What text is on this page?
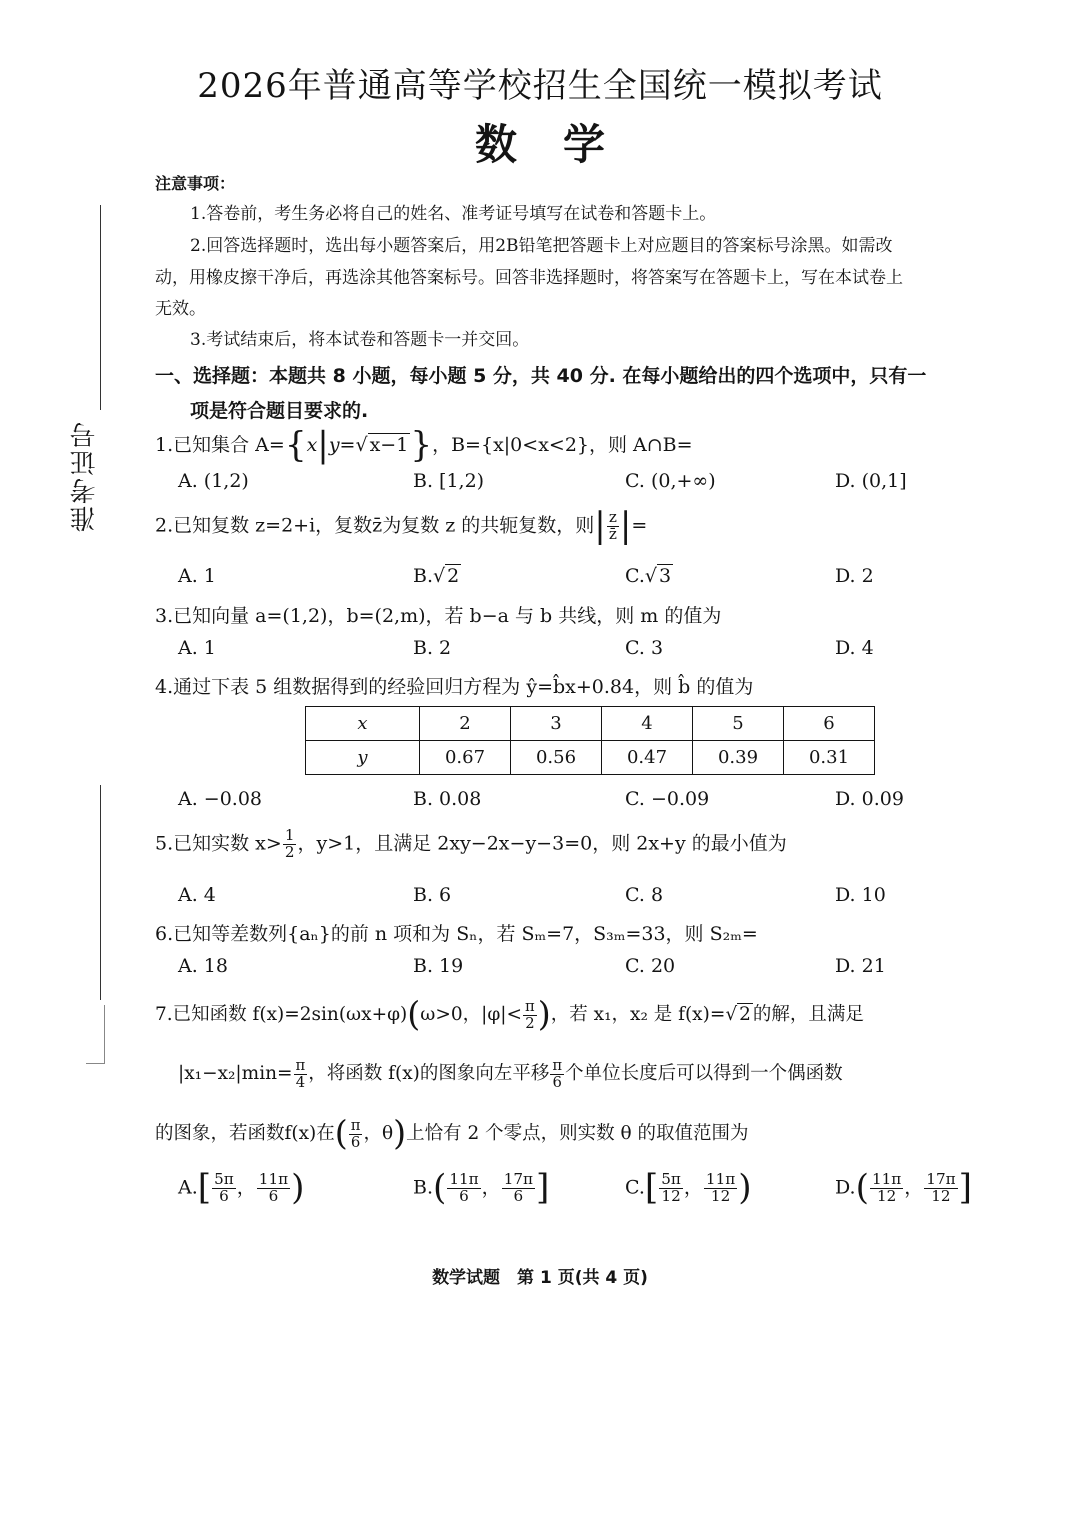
准考证号
2026年普通高等学校招生全国统一模拟考试
数学
注意事项：
1.答卷前，考生务必将自己的姓名、准考证号填写在试卷和答题卡上。
2.回答选择题时，选出每小题答案后，用2B铅笔把答题卡上对应题目的答案标号涂黑。如需改
动，用橡皮擦干净后，再选涂其他答案标号。回答非选择题时，将答案写在答题卡上，写在本试卷上
无效。
3.考试结束后，将本试卷和答题卡一并交回。
一、选择题：本题共 8 小题，每小题 5 分，共 40 分. 在每小题给出的四个选项中，只有一
项是符合题目要求的.
1.已知集合 A={x|y=√ x−1}，B={x|0<x<2}，则 A∩B=
A. (1,2)	B. [1,2)	C. (0,+∞)	D. (0,1]
2.已知复数 z=2+i，复数z̄为复数 z 的共轭复数，则| $\frac{z}{z̄}$ |=
A. 1	B.√ 2	C.√ 3	D. 2
3.已知向量 a=(1,2)，b=(2,m)，若 b−a 与 b 共线，则 m 的值为
A. 1	B. 2	C. 3	D. 4
4.通过下表 5 组数据得到的经验回归方程为 ŷ=b̂x+0.84，则 b̂ 的值为
x	2	3	4	5	6
y	0.67	0.56	0.47	0.39	0.31
A. −0.08	B. 0.08	C. −0.09	D. 0.09
5.已知实数 $x> \frac{1}{2}$ ，y>1，且满足 2xy−2x−y−3=0，则 2x+y 的最小值为
A. 4	B. 6	C. 8	D. 10
6.已知等差数列{aₙ}的前 n 项和为 Sₙ，若 Sₘ=7，S₃ₘ=33，则 S₂ₘ=
A. 18	B. 19	C. 20	D. 21
7.已知函数 f(x)=2sin(ωx+φ)(ω>0，$|\varphi|< \frac{\pi}{2}$ )，若 x₁，x₂ 是 f(x)=√ 2 的解，且满足
$|x_1-x_2|\min= \frac{\pi}{4}$ ，将函数 f(x)的图象向左平移 $\frac{\pi}{6}$ 个单位长度后可以得到一个偶函数
的图象，若函数f(x)在( $\frac{\pi}{6}$ ，θ)上恰有 2 个零点，则实数 θ 的取值范围为
$A.[ \frac{5\pi}{6}$ ， $\frac{11\pi}{6}$ )	$B.( \frac{11\pi}{6}$ ， $\frac{17\pi}{6}$ ]	$C.[ \frac{5\pi}{12}$ ， $\frac{11\pi}{12}$ )	$D.( \frac{11\pi}{12}$ ， $\frac{17\pi}{12}$ ]
数学试题　第 1 页(共 4 页)
